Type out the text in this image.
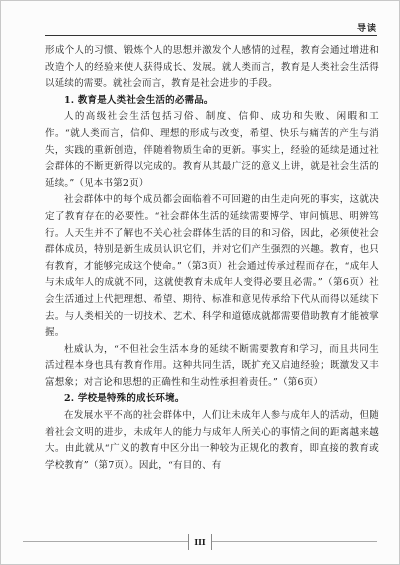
导读

形成个人的习惯、锻炼个人的思想并激发个人感情的过程，教育会通过增进和改造个人的经验来使人获得成长、发展。就人类而言，教育是人类社会生活得以延续的需要。就社会而言，教育是社会进步的手段。

1. 教育是人类社会生活的必需品。

人的高级社会生活包括习俗、制度、信仰、成功和失败、闲暇和工作。“就人类而言，信仰、理想的形成与改变，希望、快乐与痛苦的产生与消失，实践的重新创造，伴随着物质生命的更新。事实上，经验的延续是通过社会群体的不断更新得以完成的。教育从其最广泛的意义上讲，就是社会生活的延续。”（见本书第2页）

社会群体中的每个成员都会面临着不可回避的由生走向死的事实，这就决定了教育存在的必要性。“社会群体生活的延续需要博学、审问慎思、明辨笃行。人天生并不了解也不关心社会群体生活的目的和习俗，因此，必须使社会群体成员，特别是新生成员认识它们，并对它们产生强烈的兴趣。教育，也只有教育，才能够完成这个使命。”（第3页）社会通过传承过程而存在，“成年人与未成年人的成就不同，这就使教育未成年人变得必要且必需。”（第6页）社会生活通过上代把理想、希望、期待、标准和意见传承给下代从而得以延续下去。与人类相关的一切技术、艺术、科学和道德成就都需要借助教育才能被掌握。

杜威认为，“不但社会生活本身的延续不断需要教育和学习，而且共同生活过程本身也具有教育作用。这种共同生活，既扩充又启迪经验；既激发又丰富想象；对言论和思想的正确性和生动性承担着责任。”（第6页）

2. 学校是特殊的成长环境。

在发展水平不高的社会群体中，人们让未成年人参与成年人的活动，但随着社会文明的进步，未成年人的能力与成年人所关心的事情之间的距离越来越大。由此就从“广义的教育中区分出一种较为正规化的教育，即直接的教育或学校教育”（第7页）。因此，“有目的、有

III
